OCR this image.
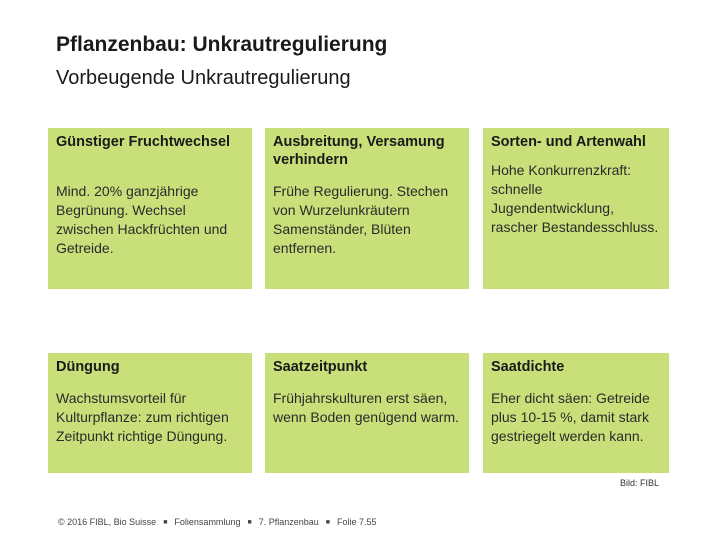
Pflanzenbau: Unkrautregulierung
Vorbeugende Unkrautregulierung
Günstiger Fruchtwechsel
Mind. 20% ganzjährige Begrünung. Wechsel zwischen Hackfrüchten und Getreide.
Ausbreitung, Versamung verhindern
Frühe Regulierung. Stechen von Wurzelunkräutern Samenständer, Blüten entfernen.
Sorten- und Artenwahl
Hohe Konkurrenzkraft: schnelle Jugendentwicklung, rascher Bestandesschluss.
Düngung
Wachstumsvorteil für Kulturpflanze: zum richtigen Zeitpunkt richtige Düngung.
Saatzeitpunkt
Frühjahrskulturen erst säen, wenn Boden genügend warm.
Saatdichte
Eher dicht säen: Getreide plus 10-15 %, damit stark gestriegelt werden kann.
Bild: FIBL
© 2016 FIBL, Bio Suisse ■ Foliensammlung ■ 7. Pflanzenbau ■ Folie 7.55
